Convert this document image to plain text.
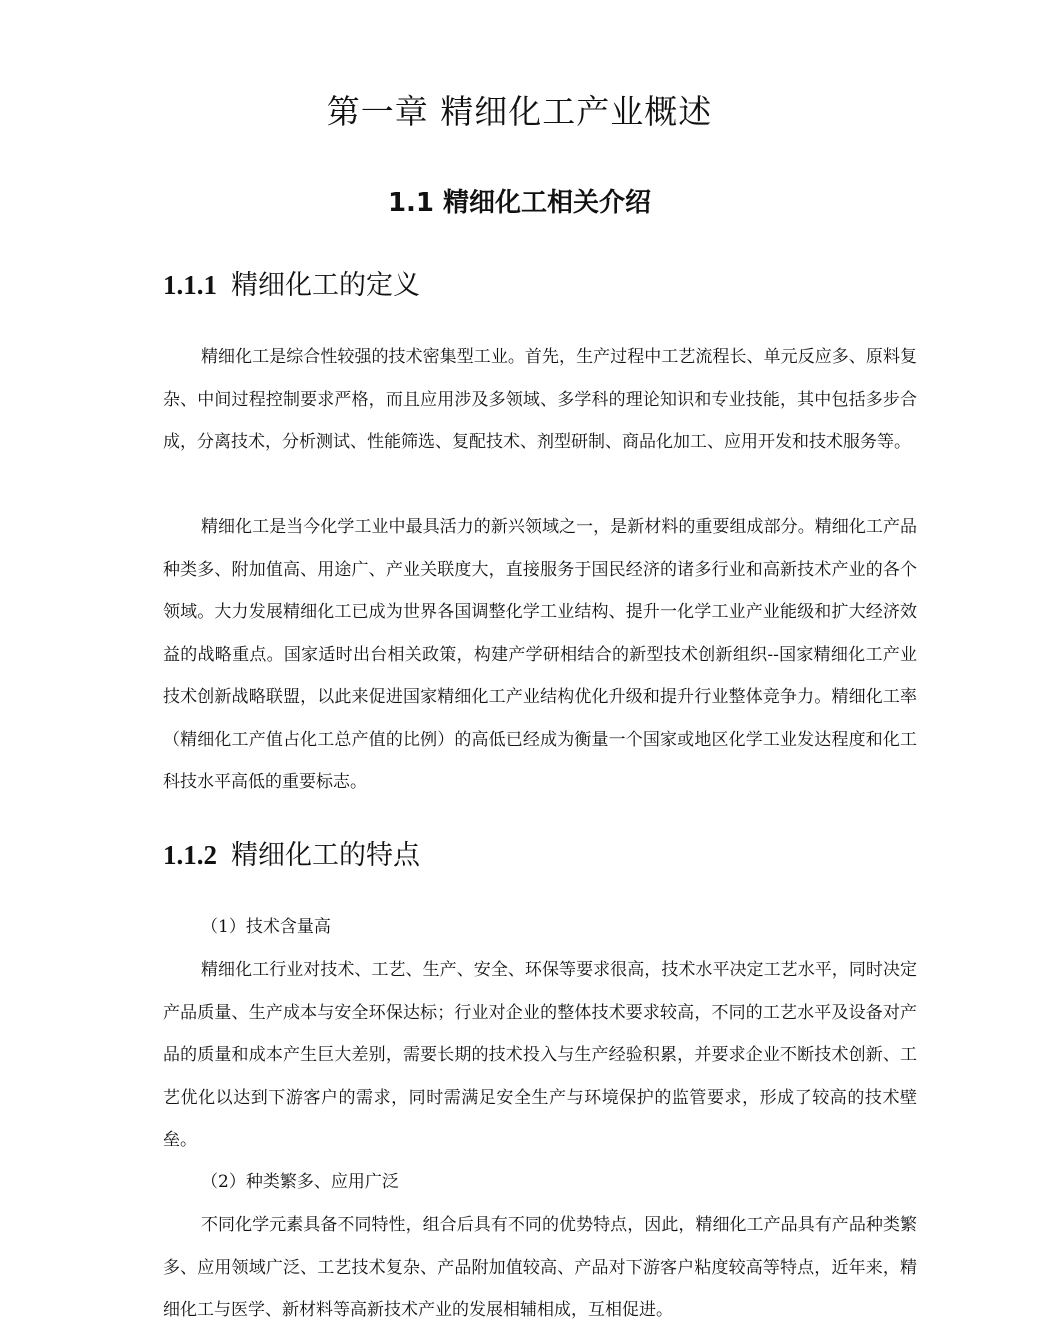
第一章 精细化工产业概述
1.1 精细化工相关介绍
1.1.1 精细化工的定义

精细化工是综合性较强的技术密集型工业。首先，生产过程中工艺流程长、单元反应多、原料复杂、中间过程控制要求严格，而且应用涉及多领域、多学科的理论知识和专业技能，其中包括多步合成，分离技术，分析测试、性能筛选、复配技术、剂型研制、商品化加工、应用开发和技术服务等。

精细化工是当今化学工业中最具活力的新兴领域之一，是新材料的重要组成部分。精细化工产品种类多、附加值高、用途广、产业关联度大，直接服务于国民经济的诸多行业和高新技术产业的各个领域。大力发展精细化工已成为世界各国调整化学工业结构、提升一化学工业产业能级和扩大经济效益的战略重点。国家适时出台相关政策，构建产学研相结合的新型技术创新组织--国家精细化工产业技术创新战略联盟，以此来促进国家精细化工产业结构优化升级和提升行业整体竞争力。精细化工率（精细化工产值占化工总产值的比例）的高低已经成为衡量一个国家或地区化学工业发达程度和化工科技水平高低的重要标志。

1.1.2 精细化工的特点

（1）技术含量高

精细化工行业对技术、工艺、生产、安全、环保等要求很高，技术水平决定工艺水平，同时决定产品质量、生产成本与安全环保达标；行业对企业的整体技术要求较高，不同的工艺水平及设备对产品的质量和成本产生巨大差别，需要长期的技术投入与生产经验积累，并要求企业不断技术创新、工艺优化以达到下游客户的需求，同时需满足安全生产与环境保护的监管要求，形成了较高的技术壁垒。

（2）种类繁多、应用广泛

不同化学元素具备不同特性，组合后具有不同的优势特点，因此，精细化工产品具有产品种类繁多、应用领域广泛、工艺技术复杂、产品附加值较高、产品对下游客户粘度较高等特点，近年来，精细化工与医学、新材料等高新技术产业的发展相辅相成，互相促进。
